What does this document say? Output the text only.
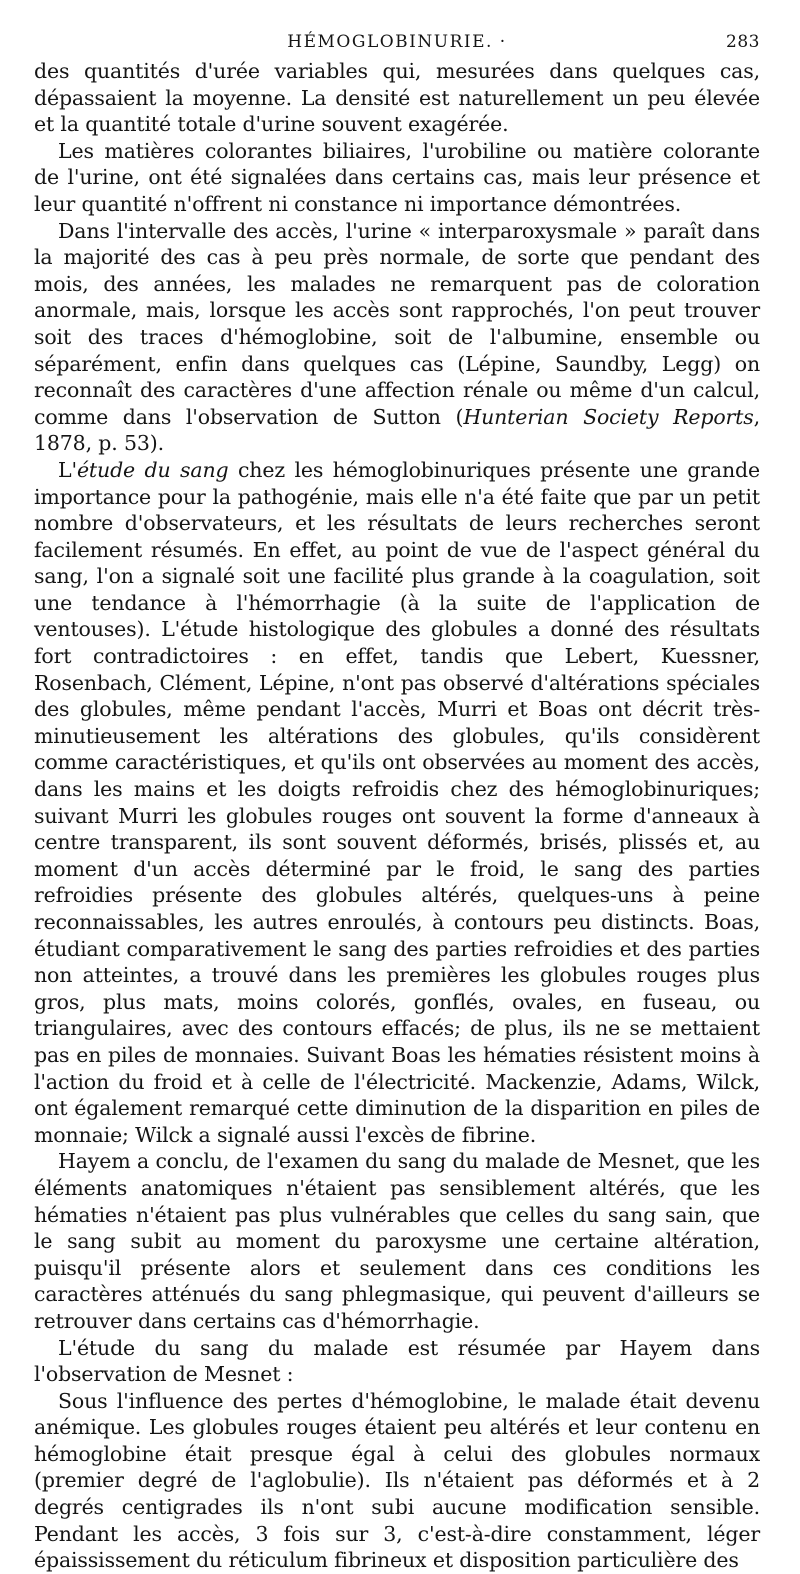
HÉMOGLOBINURIE. ·	283

des quantités d'urée variables qui, mesurées dans quelques cas, dépassaient la moyenne. La densité est naturellement un peu élevée et la quantité totale d'urine souvent exagérée.

Les matières colorantes biliaires, l'urobiline ou matière colorante de l'urine, ont été signalées dans certains cas, mais leur présence et leur quantité n'offrent ni constance ni importance démontrées.

Dans l'intervalle des accès, l'urine « interparoxysmale » paraît dans la majorité des cas à peu près normale, de sorte que pendant des mois, des années, les malades ne remarquent pas de coloration anormale, mais, lorsque les accès sont rapprochés, l'on peut trouver soit des traces d'hémoglobine, soit de l'albumine, ensemble ou séparément, enfin dans quelques cas (Lépine, Saundby, Legg) on reconnaît des caractères d'une affection rénale ou même d'un calcul, comme dans l'observation de Sutton (Hunterian Society Reports, 1878, p. 53).

L'étude du sang chez les hémoglobinuriques présente une grande importance pour la pathogénie, mais elle n'a été faite que par un petit nombre d'observateurs, et les résultats de leurs recherches seront facilement résumés. En effet, au point de vue de l'aspect général du sang, l'on a signalé soit une facilité plus grande à la coagulation, soit une tendance à l'hémorrhagie (à la suite de l'application de ventouses). L'étude histologique des globules a donné des résultats fort contradictoires : en effet, tandis que Lebert, Kuessner, Rosenbach, Clément, Lépine, n'ont pas observé d'altérations spéciales des globules, même pendant l'accès, Murri et Boas ont décrit très-minutieusement les altérations des globules, qu'ils considèrent comme caractéristiques, et qu'ils ont observées au moment des accès, dans les mains et les doigts refroidis chez des hémoglobinuriques; suivant Murri les globules rouges ont souvent la forme d'anneaux à centre transparent, ils sont souvent déformés, brisés, plissés et, au moment d'un accès déterminé par le froid, le sang des parties refroidies présente des globules altérés, quelques-uns à peine reconnaissables, les autres enroulés, à contours peu distincts. Boas, étudiant comparativement le sang des parties refroidies et des parties non atteintes, a trouvé dans les premières les globules rouges plus gros, plus mats, moins colorés, gonflés, ovales, en fuseau, ou triangulaires, avec des contours effacés; de plus, ils ne se mettaient pas en piles de monnaies. Suivant Boas les hématies résistent moins à l'action du froid et à celle de l'électricité. Mackenzie, Adams, Wilck, ont également remarqué cette diminution de la disparition en piles de monnaie; Wilck a signalé aussi l'excès de fibrine.

Hayem a conclu, de l'examen du sang du malade de Mesnet, que les éléments anatomiques n'étaient pas sensiblement altérés, que les hématies n'étaient pas plus vulnérables que celles du sang sain, que le sang subit au moment du paroxysme une certaine altération, puisqu'il présente alors et seulement dans ces conditions les caractères atténués du sang phlegmasique, qui peuvent d'ailleurs se retrouver dans certains cas d'hémorrhagie.

L'étude du sang du malade est résumée par Hayem dans l'observation de Mesnet :

Sous l'influence des pertes d'hémoglobine, le malade était devenu anémique. Les globules rouges étaient peu altérés et leur contenu en hémoglobine était presque égal à celui des globules normaux (premier degré de l'aglobulie). Ils n'étaient pas déformés et à 2 degrés centigrades ils n'ont subi aucune modification sensible. Pendant les accès, 3 fois sur 3, c'est-à-dire constamment, léger épaississement du réticulum fibrineux et disposition particulière des
